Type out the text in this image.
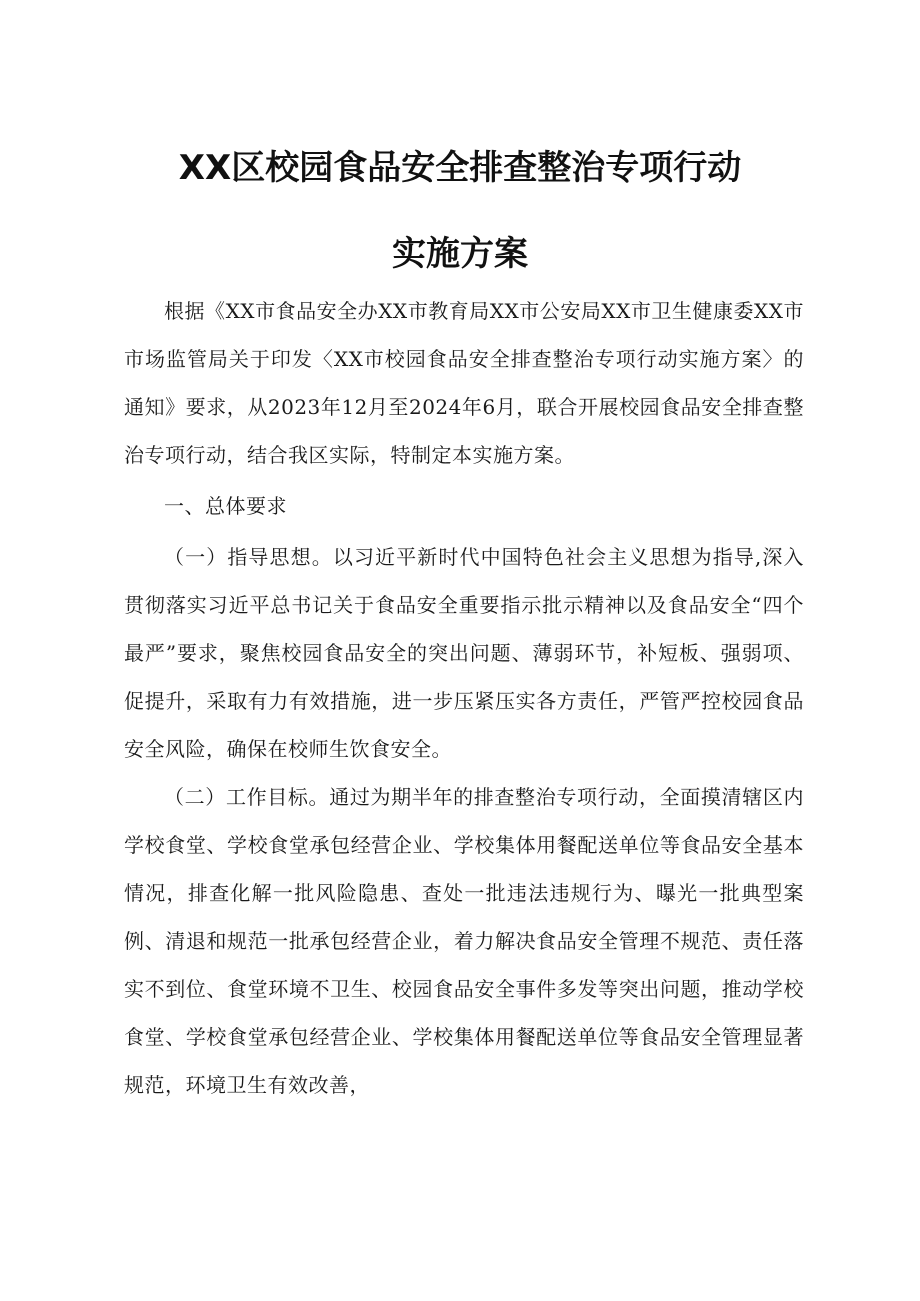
XX区校园食品安全排查整治专项行动
实施方案

根据《XX市食品安全办XX市教育局XX市公安局XX市卫生健康委XX市市场监管局关于印发〈XX市校园食品安全排查整治专项行动实施方案〉的通知》要求，从2023年12月至2024年6月，联合开展校园食品安全排查整治专项行动，结合我区实际，特制定本实施方案。

一、总体要求

（一）指导思想。以习近平新时代中国特色社会主义思想为指导,深入贯彻落实习近平总书记关于食品安全重要指示批示精神以及食品安全“四个最严”要求，聚焦校园食品安全的突出问题、薄弱环节，补短板、强弱项、促提升，采取有力有效措施，进一步压紧压实各方责任，严管严控校园食品安全风险，确保在校师生饮食安全。

（二）工作目标。通过为期半年的排查整治专项行动，全面摸清辖区内学校食堂、学校食堂承包经营企业、学校集体用餐配送单位等食品安全基本情况，排查化解一批风险隐患、查处一批违法违规行为、曝光一批典型案例、清退和规范一批承包经营企业，着力解决食品安全管理不规范、责任落实不到位、食堂环境不卫生、校园食品安全事件多发等突出问题，推动学校食堂、学校食堂承包经营企业、学校集体用餐配送单位等食品安全管理显著规范，环境卫生有效改善，
